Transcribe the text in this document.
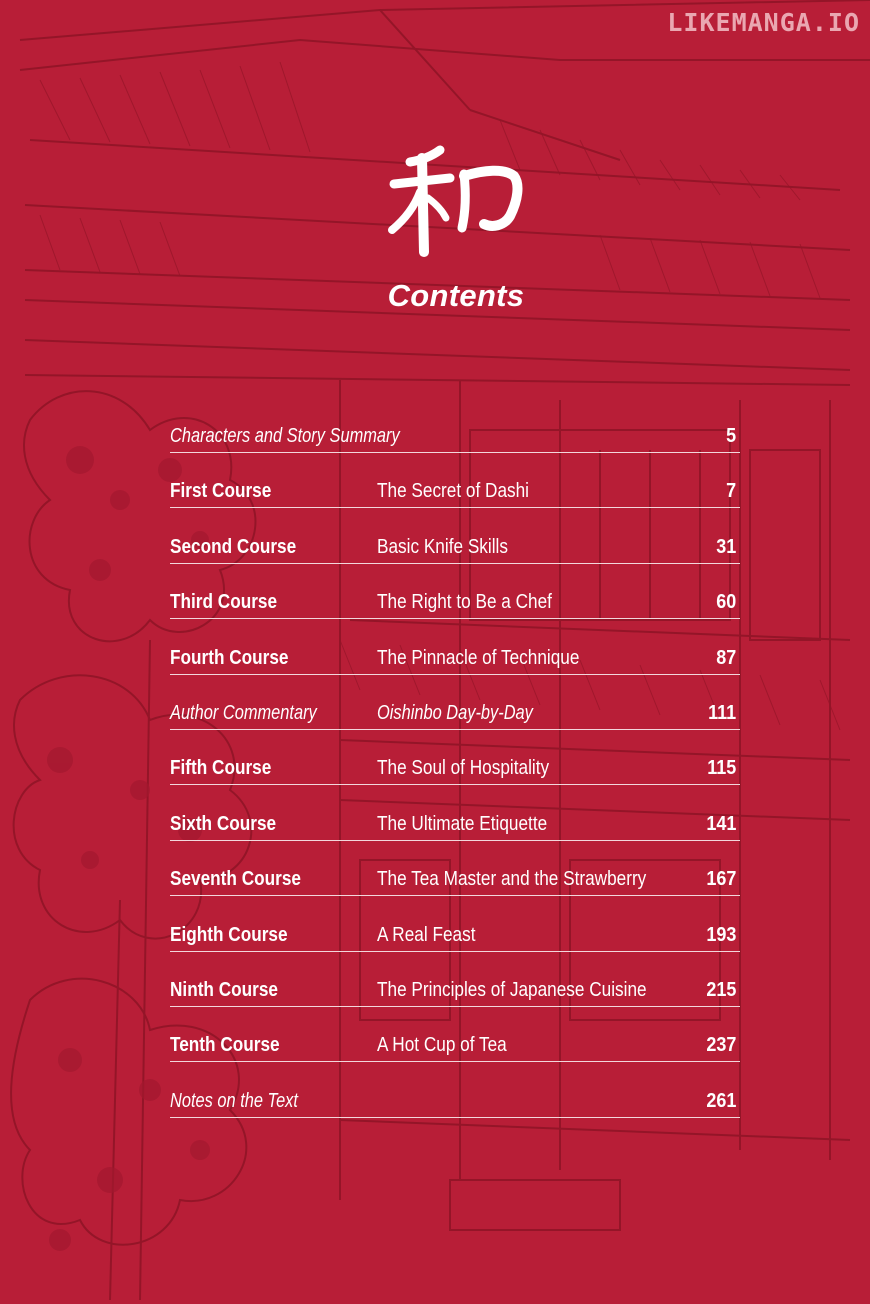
LIKEMANGA.IO
Contents
Characters and Story Summary	5
First Course	The Secret of Dashi	7
Second Course	Basic Knife Skills	31
Third Course	The Right to Be a Chef	60
Fourth Course	The Pinnacle of Technique	87
Author Commentary	Oishinbo Day-by-Day	111
Fifth Course	The Soul of Hospitality	115
Sixth Course	The Ultimate Etiquette	141
Seventh Course	The Tea Master and the Strawberry	167
Eighth Course	A Real Feast	193
Ninth Course	The Principles of Japanese Cuisine	215
Tenth Course	A Hot Cup of Tea	237
Notes on the Text	261
